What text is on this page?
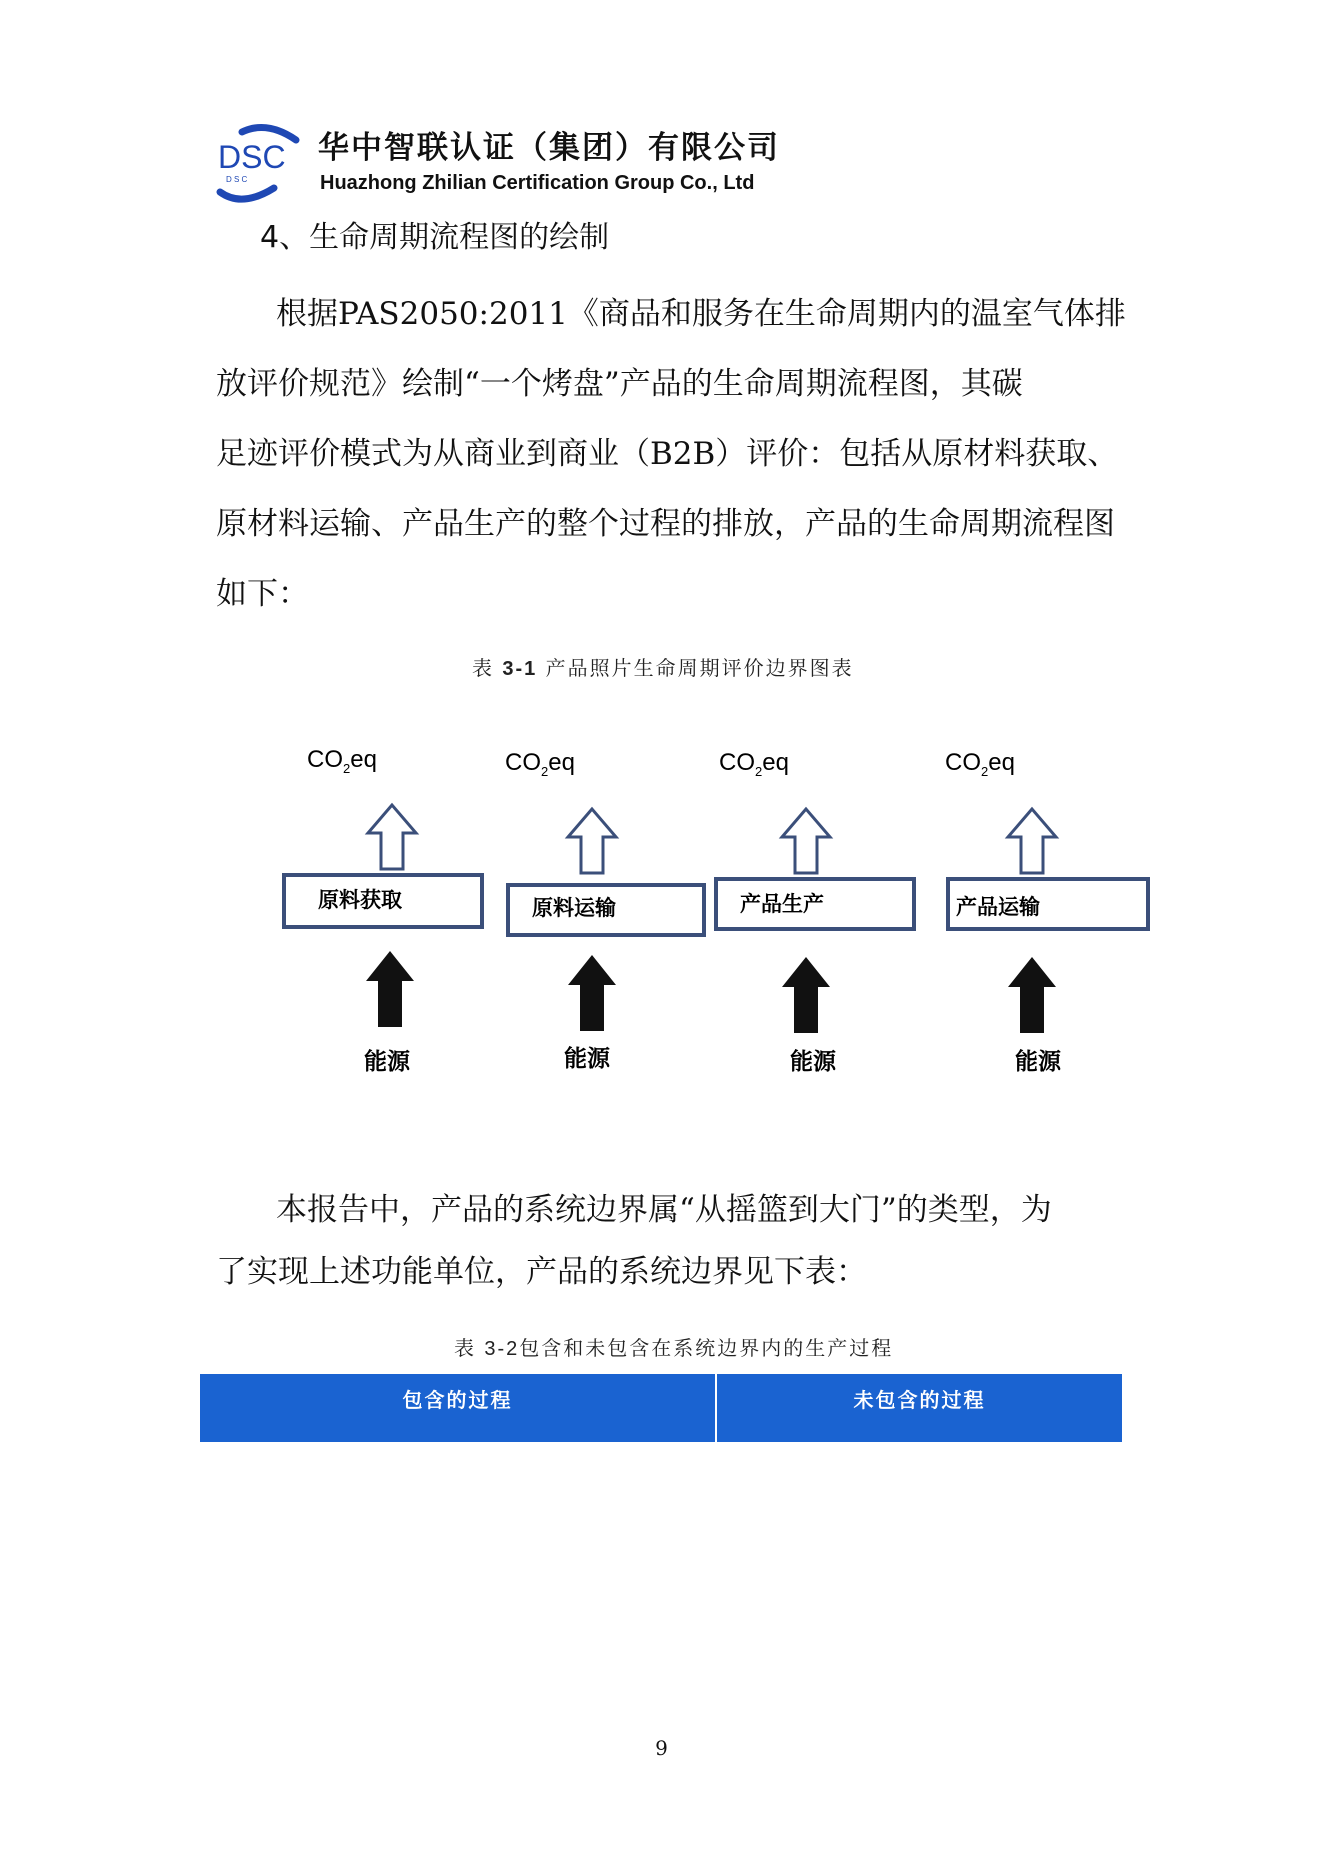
DSC
D S C
华中智联认证（集团）有限公司
Huazhong Zhilian Certification Group Co., Ltd
4、生命周期流程图的绘制
根据PAS2050:2011《商品和服务在生命周期内的温室气体排
放评价规范》绘制“一个烤盘”产品的生命周期流程图，其碳
足迹评价模式为从商业到商业（B2B）评价：包括从原材料获取、
原材料运输、产品生产的整个过程的排放，产品的生命周期流程图
如下：
表 3-1 产品照片生命周期评价边界图表
$CO_2eq$
原料获取
能源
$CO_2eq$
原料运输
能源
$CO_2eq$
产品生产
能源
$CO_2eq$
产品运输
能源
本报告中，产品的系统边界属“从摇篮到大门”的类型，为
了实现上述功能单位，产品的系统边界见下表：
表 3-2包含和未包含在系统边界内的生产过程
包含的过程	未包含的过程
9
